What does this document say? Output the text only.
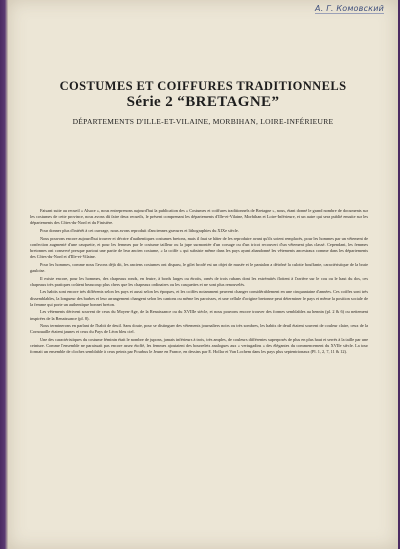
А. Г. Комовский
COSTUMES ET COIFFURES TRADITIONNELS
Série 2 “BRETAGNE”
DÉPARTEMENTS D'ILLE-ET-VILAINE, MORBIHAN, LOIRE-INFÉRIEURE

Faisant suite au recueil « Alsace », nous entreprenons aujourd'hui la publication des « Costumes et coiffures traditionnels de Bretagne », nous, étant donné le grand nombre de documents sur les costumes de cette province, nous avons dû faire deux recueils, le présent comprenant les départements d'Ille-et-Vilaine, Morbihan et Loire-Inférieure, et un autre qui sera publié ensuite sur les départements des Côtes-du-Nord et du Finistère.

Pour donner plus d'intérêt à cet ouvrage, nous avons reproduit d'anciennes gravures et lithographies du XIXe siècle.

Nous pouvons encore aujourd'hui trouver et décrire d'authentiques costumes bretons, mais il faut se hâter de les reproduire avant qu'ils soient remplacés, pour les hommes par un vêtement de confection augmenté d'une casquette, et pour les femmes par le costume tailleur ou la jupe surmontée d'un corsage ou d'un tricot recouvert d'un vêtement plus classé. Cependant, les femmes bretonnes ont conservé presque partout une partie de leur ancien costume, « la coiffe » qui subsiste même dans les pays ayant abandonné les vêtements ancestraux comme dans les départements des Côtes-du-Nord et d'Ille-et-Vilaine.

Pour les hommes, comme nous l'avons déjà dit, les anciens costumes ont disparu, le gilet brodé est un objet de musée et le pantalon a détrôné la culotte bouffante, caractéristique de la braie gauloise.

Il existe encore, pour les hommes, des chapeaux ronds, en feutre, à bords larges ou étroits, ornés de trois rubans dont les extrémités flottent à l'arrière sur le cou ou le haut du dos, ces chapeaux très pratiques coûtent beaucoup plus chers que les chapeaux ordinaires ou les casquettes et ne sont plus renouvelés.

Les habits sont encore très différents selon les pays et aussi selon les époques, et les coiffes notamment peuvent changer considérablement en une cinquantaine d'années. Ces coiffes sont très dissemblables, la longueur des barbes et leur arrangement changent selon les cantons ou même les paroisses, et une cellule d'origine bretonne peut déterminer le pays et même la position sociale de la femme qui porte un authentique bonnet breton.

Les vêtements dérivent souvent de ceux du Moyen-Age, de la Renaissance ou du XVIIIe siècle, et nous pouvons encore trouver des formes semblables au hennin (pl. 2 & 6) ou nettement inspirées de la Renaissance (pl. 8).

Nous terminerons en parlant de l'habit de deuil. Sans doute, pour se distinguer des vêtements journaliers noirs ou très sombres, les habits de deuil étaient souvent de couleur claire, ceux de la Cornouaille étaient jaunes et ceux du Pays de Léon bleu ciel.

Une des caractéristiques du costume féminin était le nombre de jupons, jamais inférieurs à trois, très amples, de couleurs différentes superposés de plus en plus haut et serrés à la taille par une ceinture. Comme l'ensemble ne paraissait pas encore assez étoffé, les femmes ajoutaient des bourrelets analogues aux « vertugadins » des élégantes du commencement du XVIIe siècle. La tour formait un ensemble de cloches semblable à ceux peints par Pourbus le Jeune en France, en dessins par E. Hollar et Van Lochem dans les pays plus septentrionaux (Pl. 1, 2, 7, 11 & 12).
